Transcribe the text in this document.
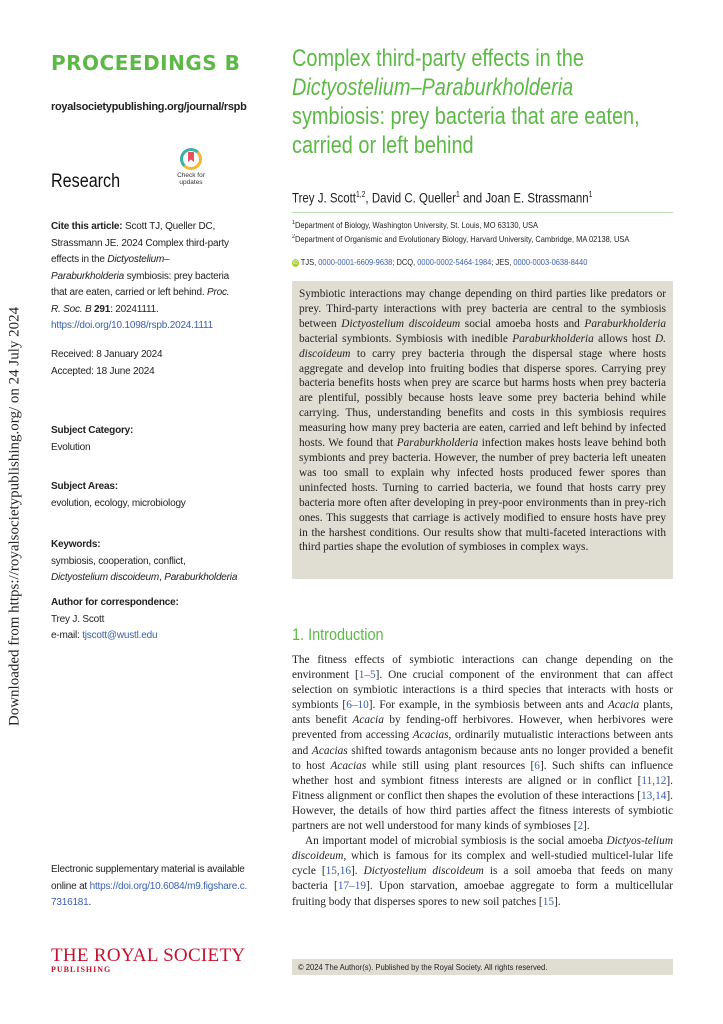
Downloaded from https://royalsocietypublishing.org/ on 24 July 2024
PROCEEDINGS B
royalsocietypublishing.org/journal/rspb
Research	Check for
updates
Cite this article: Scott TJ, Queller DC, Strassmann JE. 2024 Complex third-party effects in the Dictyostelium–Paraburkholderia symbiosis: prey bacteria that are eaten, carried or left behind. Proc. R. Soc. B 291: 20241111.
https://doi.org/10.1098/rspb.2024.1111
Received: 8 January 2024
Accepted: 18 June 2024
Subject Category:
Evolution
Subject Areas:
evolution, ecology, microbiology
Keywords:
symbiosis, cooperation, conflict, Dictyostelium discoideum, Paraburkholderia
Author for correspondence:
Trey J. Scott
e-mail: tjscott@wustl.edu
Electronic supplementary material is available online at https://doi.org/10.6084/m9.figshare.c.7316181.
THE ROYAL SOCIETY
PUBLISHING
Complex third-party effects in the
Dictyostelium–Paraburkholderia
symbiosis: prey bacteria that are eaten, carried or left behind
Trey J. Scott$^{1,2}$, David C. Queller$^1$ and Joan E. Strassmann$^1$
$^1$Department of Biology, Washington University, St. Louis, MO 63130, USA
$^2$Department of Organismic and Evolutionary Biology, Harvard University, Cambridge, MA 02138, USA
iD TJS, 0000-0001-6609-9638; DCQ, 0000-0002-5464-1984; JES, 0000-0003-0638-8440
Symbiotic interactions may change depending on third parties like predators or prey. Third-party interactions with prey bacteria are central to the symbiosis between Dictyostelium discoideum social amoeba hosts and Paraburkholderia bacterial symbionts. Symbiosis with inedible Paraburkholderia allows host D. discoideum to carry prey bacteria through the dispersal stage where hosts aggregate and develop into fruiting bodies that disperse spores. Carrying prey bacteria benefits hosts when prey are scarce but harms hosts when prey bacteria are plentiful, possibly because hosts leave some prey bacteria behind while carrying. Thus, understanding benefits and costs in this symbiosis requires measuring how many prey bacteria are eaten, carried and left behind by infected hosts. We found that Paraburkholderia infection makes hosts leave behind both symbionts and prey bacteria. However, the number of prey bacteria left uneaten was too small to explain why infected hosts produced fewer spores than uninfected hosts. Turning to carried bacteria, we found that hosts carry prey bacteria more often after developing in prey-poor environments than in prey-rich ones. This suggests that carriage is actively modified to ensure hosts have prey in the harshest conditions. Our results show that multi-faceted interactions with third parties shape the evolution of symbioses in complex ways.
1. Introduction

The fitness effects of symbiotic interactions can change depending on the environment [1–5]. One crucial component of the environment that can affect selection on symbiotic interactions is a third species that interacts with hosts or symbionts [6–10]. For example, in the symbiosis between ants and Acacia plants, ants benefit Acacia by fending-off herbivores. However, when herbivores were prevented from accessing Acacias, ordinarily mutualistic interactions between ants and Acacias shifted towards antagonism because ants no longer provided a benefit to host Acacias while still using plant resources [6]. Such shifts can influence whether host and symbiont fitness interests are aligned or in conflict [11,12]. Fitness alignment or conflict then shapes the evolution of these interactions [13,14]. However, the details of how third parties affect the fitness interests of symbiotic partners are not well understood for many kinds of symbioses [2].

An important model of microbial symbiosis is the social amoeba Dictyos-telium discoideum, which is famous for its complex and well-studied multicel-lular life cycle [15,16]. Dictyostelium discoideum is a soil amoeba that feeds on many bacteria [17–19]. Upon starvation, amoebae aggregate to form a multicellular fruiting body that disperses spores to new soil patches [15].

© 2024 The Author(s). Published by the Royal Society. All rights reserved.
